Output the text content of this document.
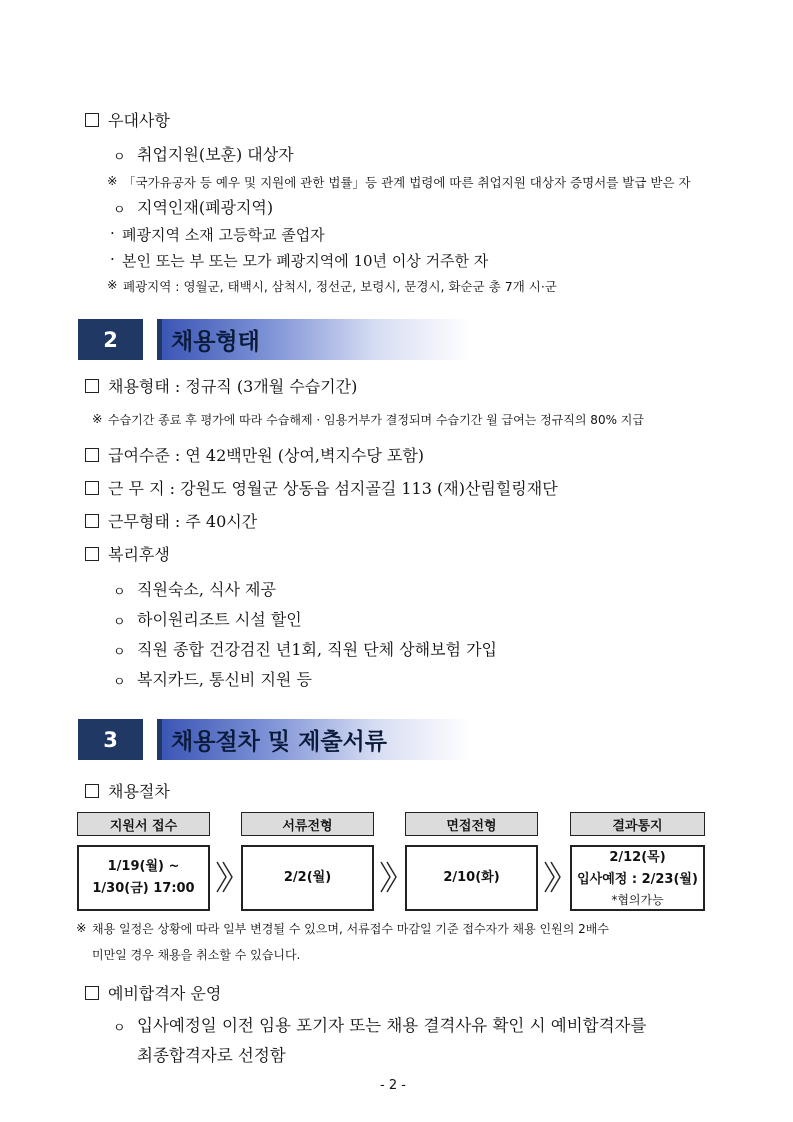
우대사항
ㅇ 취업지원(보훈) 대상자
※ 「국가유공자 등 예우 및 지원에 관한 법률」등 관계 법령에 따른 취업지원 대상자 증명서를 발급 받은 자
ㅇ 지역인재(폐광지역)
· 폐광지역 소재 고등학교 졸업자
· 본인 또는 부 또는 모가 폐광지역에 10년 이상 거주한 자
※ 폐광지역 : 영월군, 태백시, 삼척시, 정선군, 보령시, 문경시, 화순군 총 7개 시·군
2	채용형태
채용형태 : 정규직 (3개월 수습기간)
※ 수습기간 종료 후 평가에 따라 수습해제 · 임용거부가 결정되며 수습기간 월 급여는 정규직의 80% 지급
급여수준 : 연 42백만원 (상여,벽지수당 포함)
근 무 지 : 강원도 영월군 상동읍 섬지골길 113 (재)산림힐링재단
근무형태 : 주 40시간
복리후생
ㅇ 직원숙소, 식사 제공
ㅇ 하이원리조트 시설 할인
ㅇ 직원 종합 건강검진 년1회, 직원 단체 상해보험 가입
ㅇ 복지카드, 통신비 지원 등
3	채용절차 및 제출서류
채용절차
지원서 접수
1/19(월) ~
1/30(금) 17:00
서류전형
2/2(월)
면접전형
2/10(화)
결과통지
2/12(목)
입사예정 : 2/23(월)
*협의가능
※ 채용 일정은 상황에 따라 일부 변경될 수 있으며, 서류접수 마감일 기준 접수자가 채용 인원의 2배수
미만일 경우 채용을 취소할 수 있습니다.
예비합격자 운영
ㅇ 입사예정일 이전 임용 포기자 또는 채용 결격사유 확인 시 예비합격자를
최종합격자로 선정함
- 2 -
